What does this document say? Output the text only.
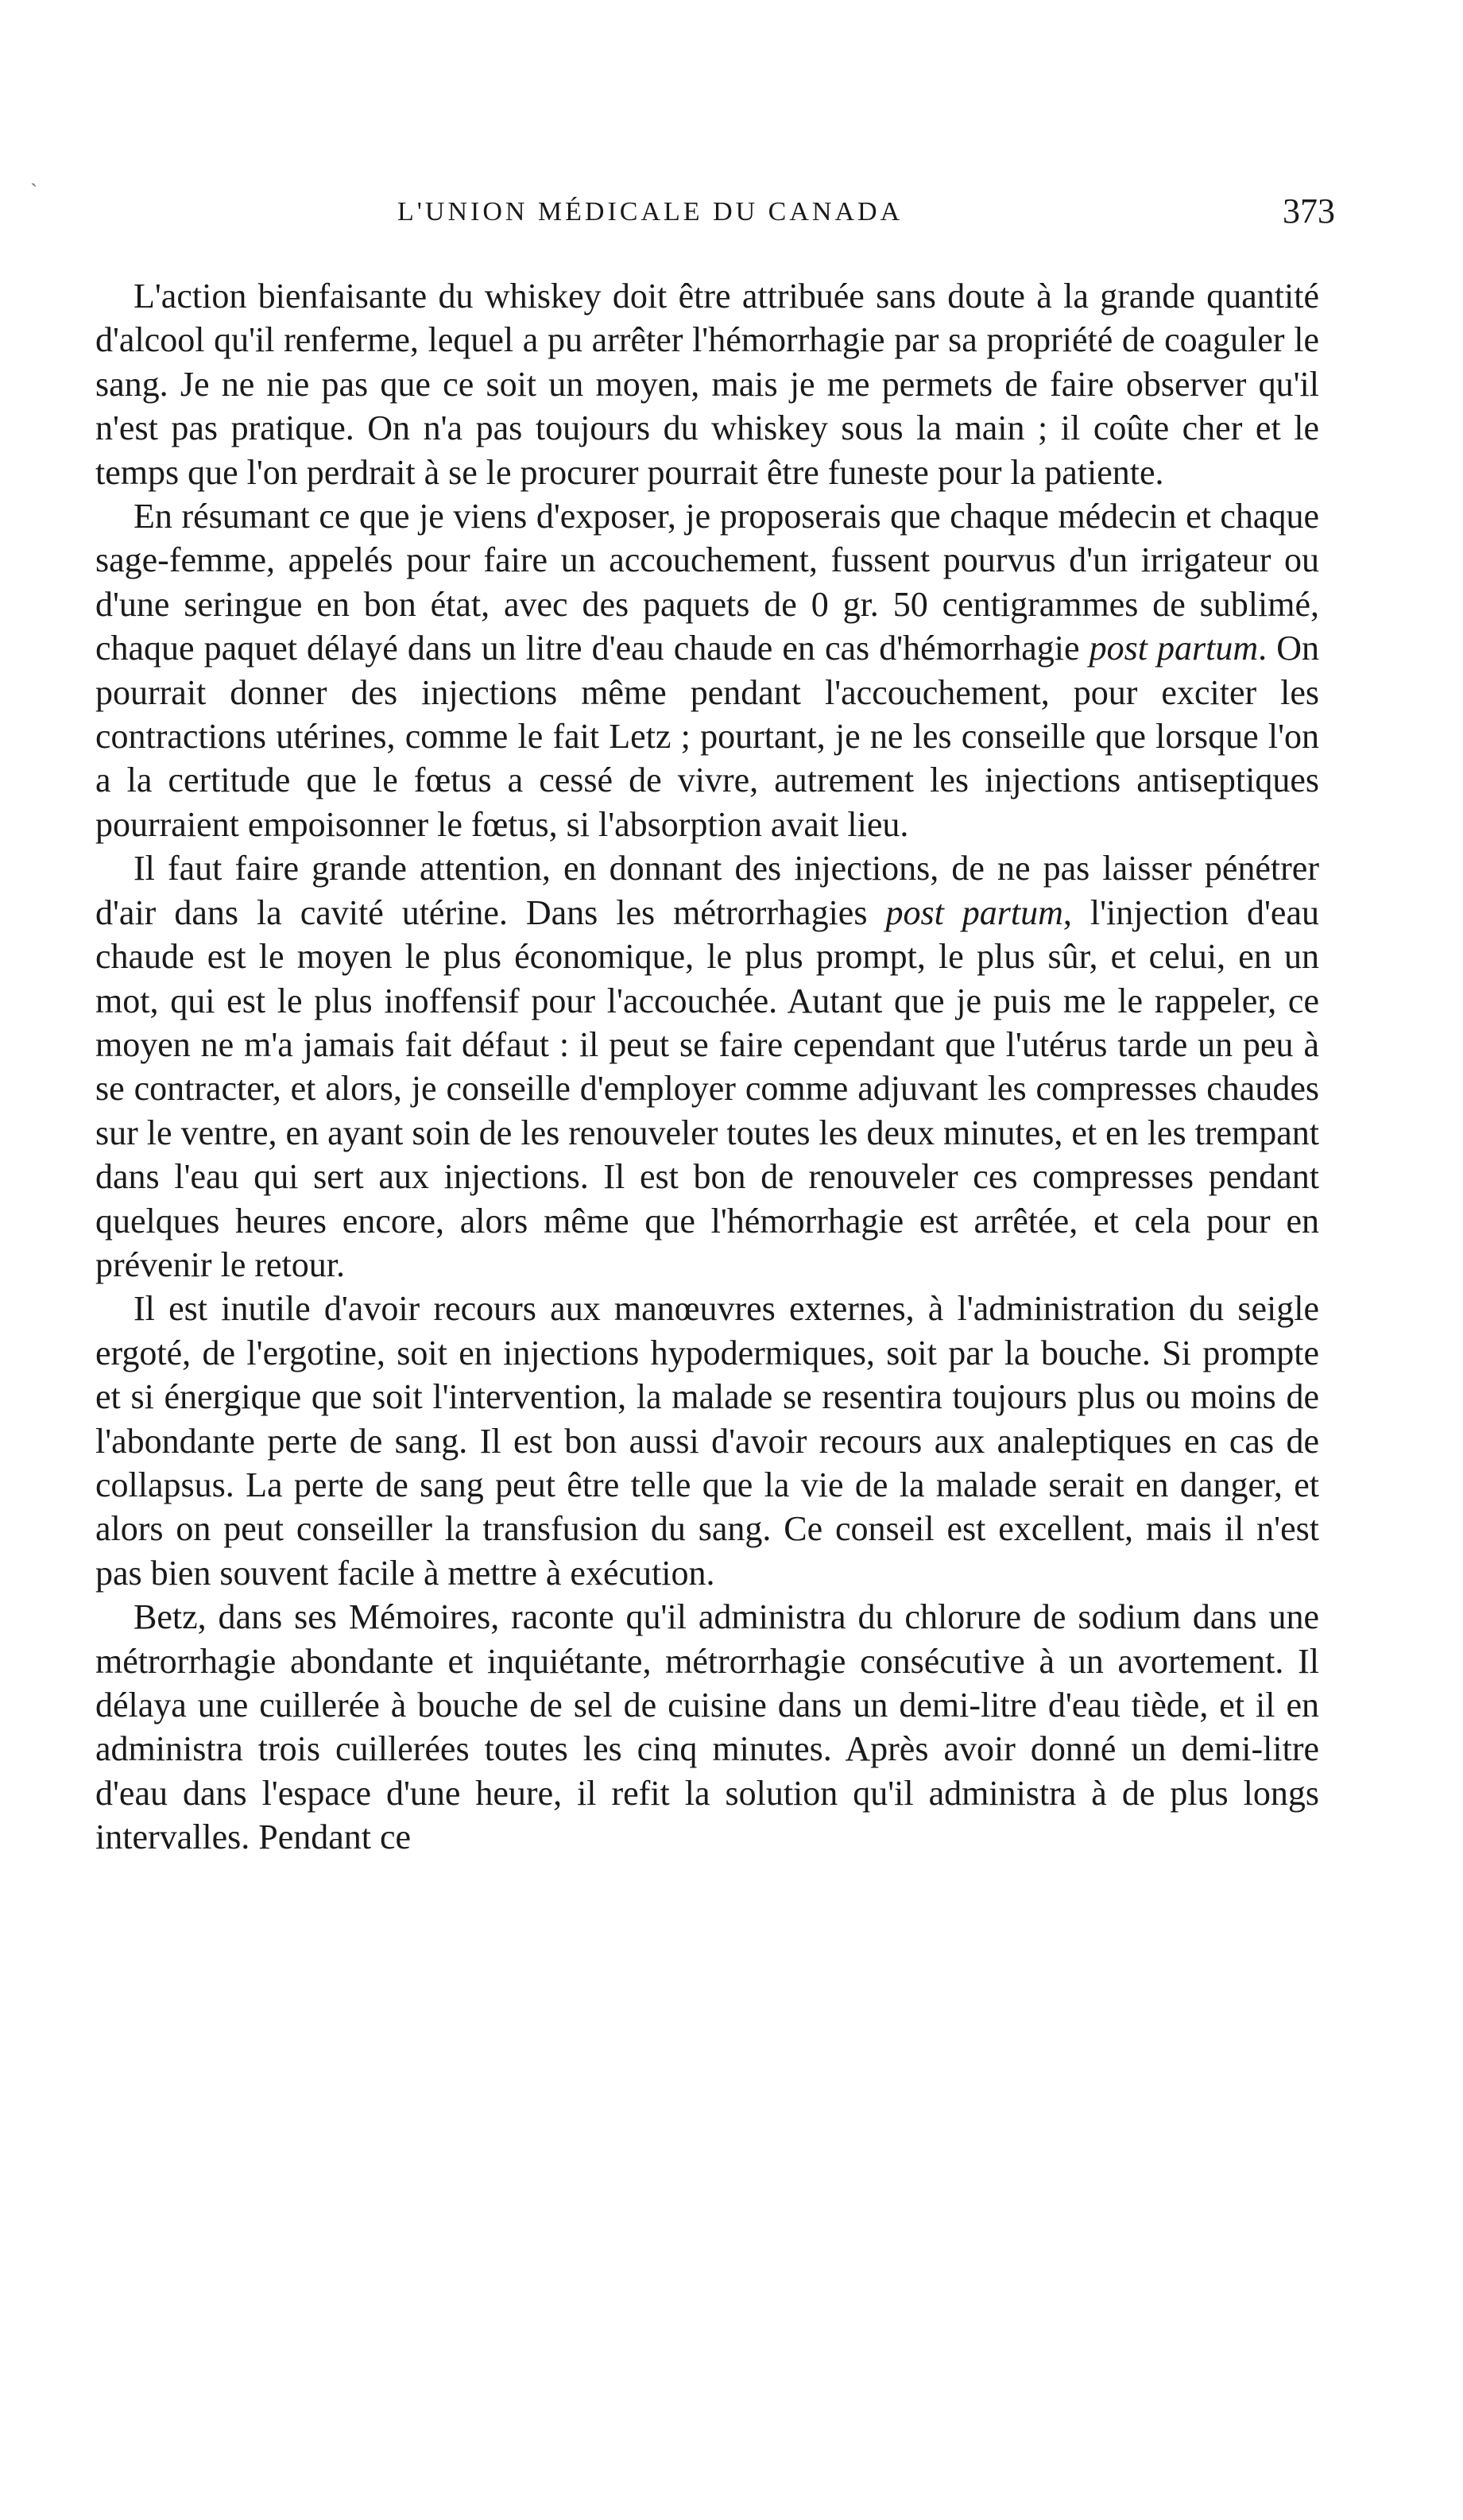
ˎ
L'UNION MÉDICALE DU CANADA	373

L'action bienfaisante du whiskey doit être attribuée sans doute à la grande quantité d'alcool qu'il renferme, lequel a pu arrêter l'hémorrhagie par sa propriété de coaguler le sang. Je ne nie pas que ce soit un moyen, mais je me permets de faire observer qu'il n'est pas pratique. On n'a pas toujours du whiskey sous la main ; il coûte cher et le temps que l'on perdrait à se le procurer pourrait être funeste pour la patiente.

En résumant ce que je viens d'exposer, je proposerais que chaque médecin et chaque sage-femme, appelés pour faire un accouchement, fussent pourvus d'un irrigateur ou d'une seringue en bon état, avec des paquets de 0 gr. 50 centigrammes de sublimé, chaque paquet délayé dans un litre d'eau chaude en cas d'hémorrhagie post partum. On pourrait donner des injections même pendant l'accouchement, pour exciter les contractions utérines, comme le fait Letz ; pourtant, je ne les conseille que lorsque l'on a la certitude que le fœtus a cessé de vivre, autrement les injections antiseptiques pourraient empoisonner le fœtus, si l'absorption avait lieu.

Il faut faire grande attention, en donnant des injections, de ne pas laisser pénétrer d'air dans la cavité utérine. Dans les métrorrhagies post partum, l'injection d'eau chaude est le moyen le plus économique, le plus prompt, le plus sûr, et celui, en un mot, qui est le plus inoffensif pour l'accouchée. Autant que je puis me le rappeler, ce moyen ne m'a jamais fait défaut : il peut se faire cependant que l'utérus tarde un peu à se contracter, et alors, je conseille d'employer comme adjuvant les compresses chaudes sur le ventre, en ayant soin de les renouveler toutes les deux minutes, et en les trempant dans l'eau qui sert aux injections. Il est bon de renouveler ces compresses pendant quelques heures encore, alors même que l'hémorrhagie est arrêtée, et cela pour en prévenir le retour.

Il est inutile d'avoir recours aux manœuvres externes, à l'administration du seigle ergoté, de l'ergotine, soit en injections hypodermiques, soit par la bouche. Si prompte et si énergique que soit l'intervention, la malade se resentira toujours plus ou moins de l'abondante perte de sang. Il est bon aussi d'avoir recours aux analeptiques en cas de collapsus. La perte de sang peut être telle que la vie de la malade serait en danger, et alors on peut conseiller la transfusion du sang. Ce conseil est excellent, mais il n'est pas bien souvent facile à mettre à exécution.

Betz, dans ses Mémoires, raconte qu'il administra du chlorure de sodium dans une métrorrhagie abondante et inquiétante, métrorrhagie consécutive à un avortement. Il délaya une cuillerée à bouche de sel de cuisine dans un demi-litre d'eau tiède, et il en administra trois cuillerées toutes les cinq minutes. Après avoir donné un demi-litre d'eau dans l'espace d'une heure, il refit la solution qu'il administra à de plus longs intervalles. Pendant ce
